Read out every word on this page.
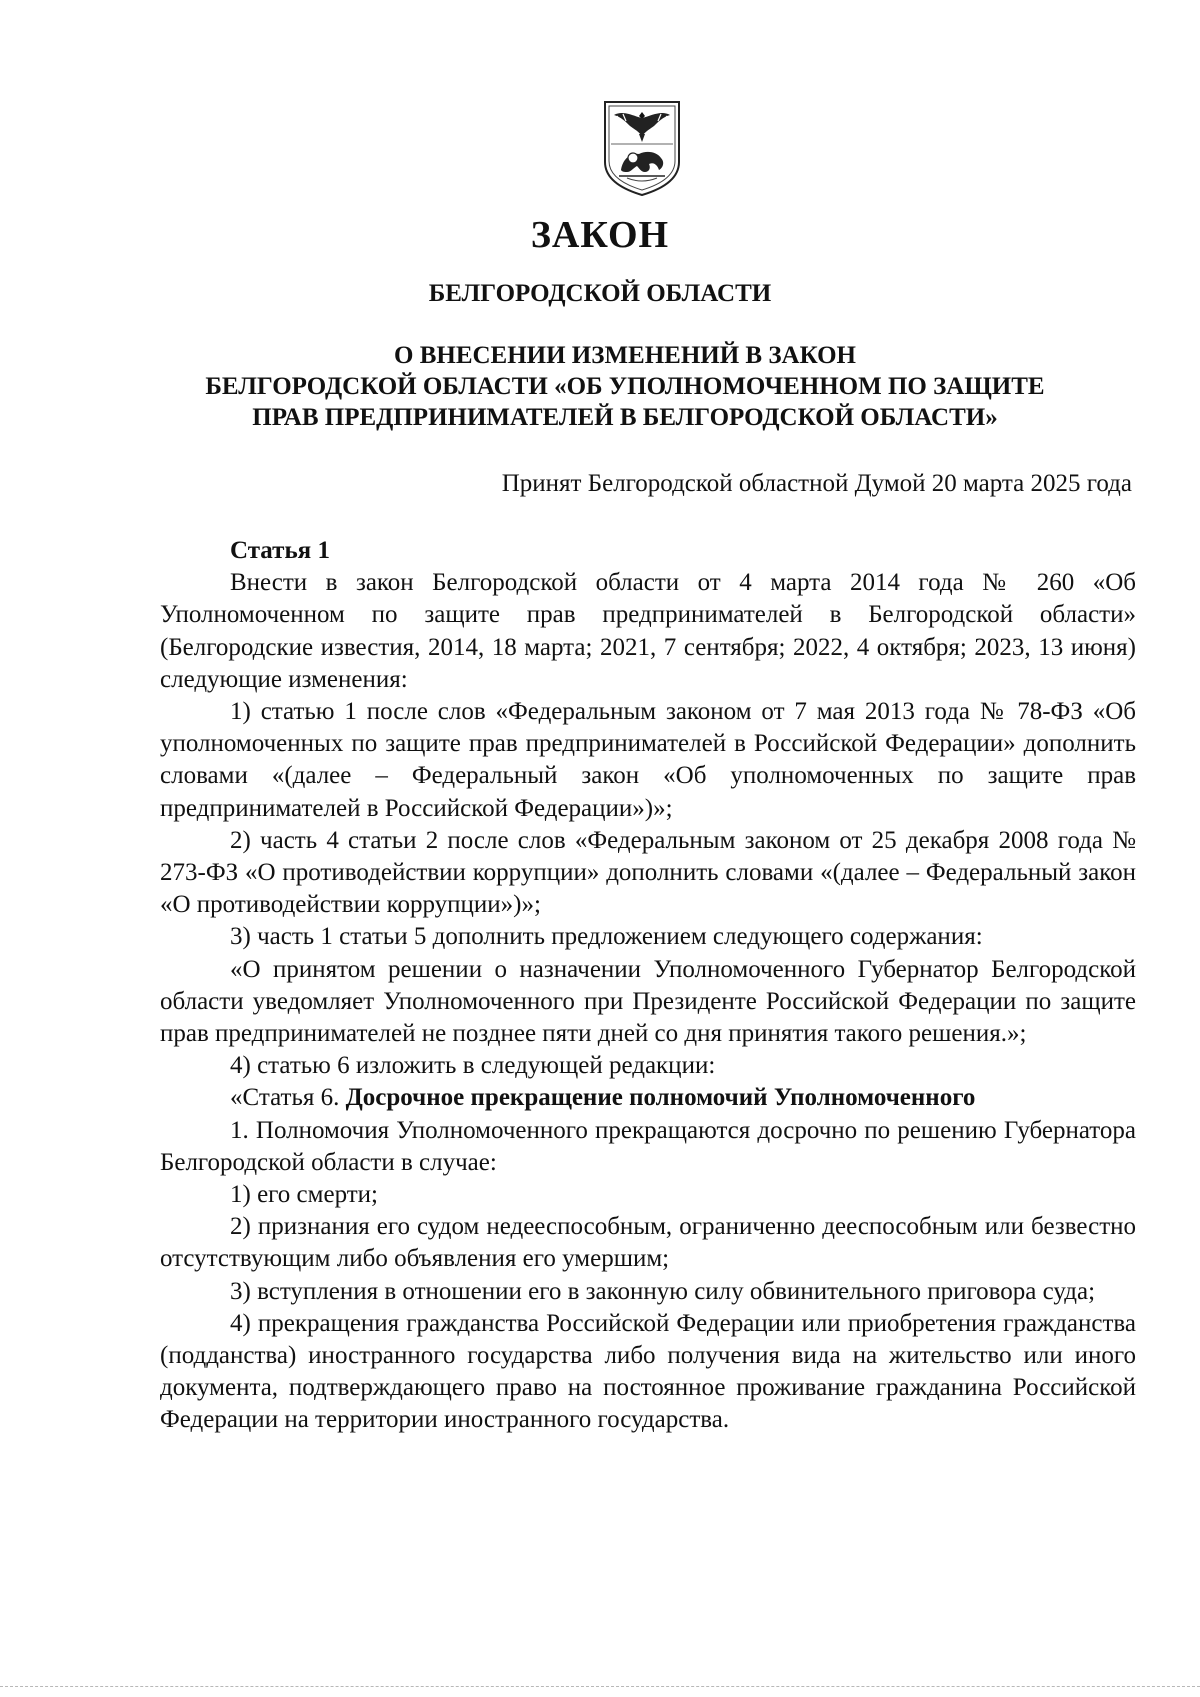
ЗАКОН
БЕЛГОРОДСКОЙ ОБЛАСТИ
О ВНЕСЕНИИ ИЗМЕНЕНИЙ В ЗАКОН
БЕЛГОРОДСКОЙ ОБЛАСТИ «ОБ УПОЛНОМОЧЕННОМ ПО ЗАЩИТЕ
ПРАВ ПРЕДПРИНИМАТЕЛЕЙ В БЕЛГОРОДСКОЙ ОБЛАСТИ»
Принят Белгородской областной Думой 20 марта 2025 года

Статья 1

Внести в закон Белгородской области от 4 марта 2014 года № 260 «Об Уполномоченном по защите прав предпринимателей в Белгородской области» (Белгородские известия, 2014, 18 марта; 2021, 7 сентября; 2022, 4 октября; 2023, 13 июня) следующие изменения:

1) статью 1 после слов «Федеральным законом от 7 мая 2013 года № 78-ФЗ «Об уполномоченных по защите прав предпринимателей в Российской Федерации» дополнить словами «(далее – Федеральный закон «Об уполномоченных по защите прав предпринимателей в Российской Федерации»)»;

2) часть 4 статьи 2 после слов «Федеральным законом от 25 декабря 2008 года № 273-ФЗ «О противодействии коррупции» дополнить словами «(далее – Федеральный закон «О противодействии коррупции»)»;

3) часть 1 статьи 5 дополнить предложением следующего содержания:

«О принятом решении о назначении Уполномоченного Губернатор Белгородской области уведомляет Уполномоченного при Президенте Российской Федерации по защите прав предпринимателей не позднее пяти дней со дня принятия такого решения.»;

4) статью 6 изложить в следующей редакции:

«Статья 6. Досрочное прекращение полномочий Уполномоченного

1. Полномочия Уполномоченного прекращаются досрочно по решению Губернатора Белгородской области в случае:

1) его смерти;

2) признания его судом недееспособным, ограниченно дееспособным или безвестно отсутствующим либо объявления его умершим;

3) вступления в отношении его в законную силу обвинительного приговора суда;

4) прекращения гражданства Российской Федерации или приобретения гражданства (подданства) иностранного государства либо получения вида на жительство или иного документа, подтверждающего право на постоянное проживание гражданина Российской Федерации на территории иностранного государства.
